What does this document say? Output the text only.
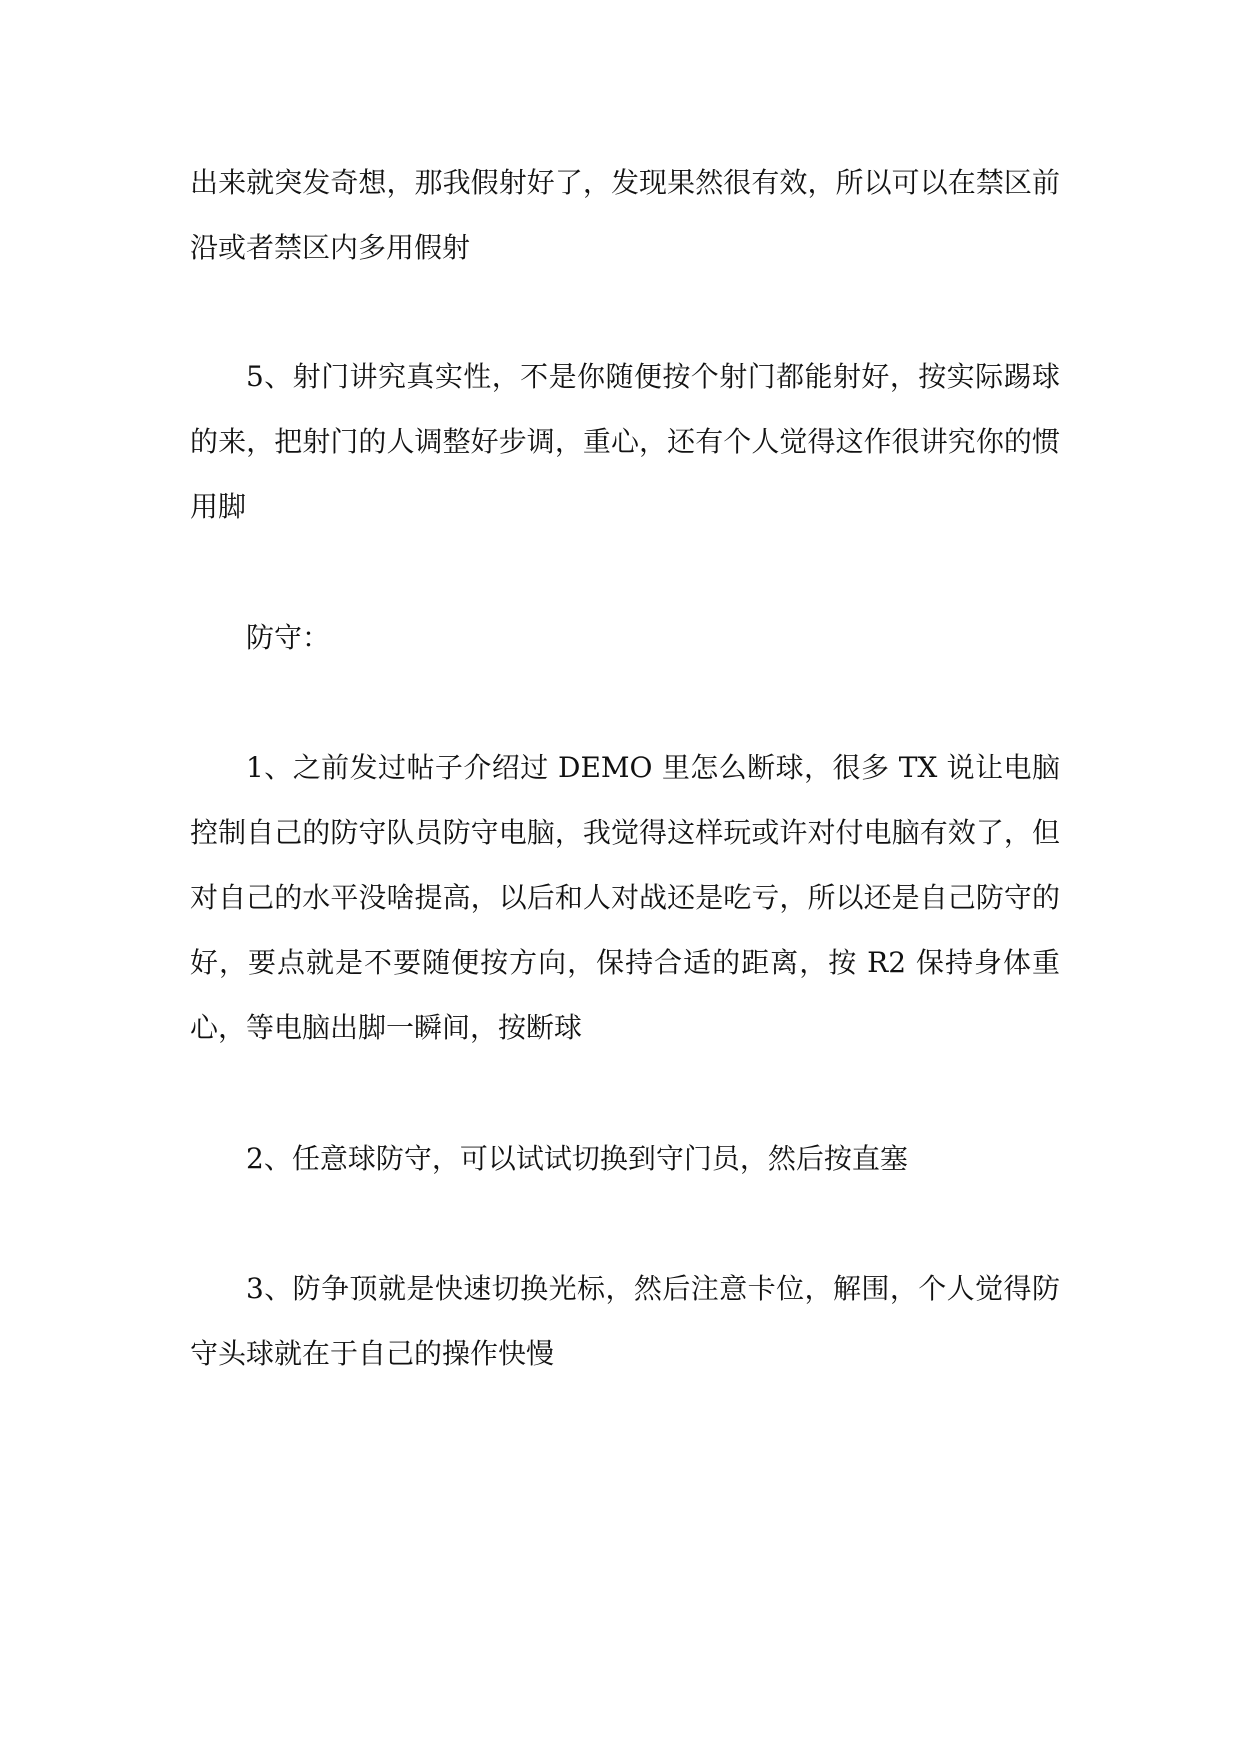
出来就突发奇想，那我假射好了，发现果然很有效，所以可以在禁区前沿或者禁区内多用假射

5、射门讲究真实性，不是你随便按个射门都能射好，按实际踢球的来，把射门的人调整好步调，重心，还有个人觉得这作很讲究你的惯用脚

防守：

1、之前发过帖子介绍过 DEMO 里怎么断球，很多 TX 说让电脑控制自己的防守队员防守电脑，我觉得这样玩或许对付电脑有效了，但对自己的水平没啥提高，以后和人对战还是吃亏，所以还是自己防守的好，要点就是不要随便按方向，保持合适的距离，按 R2 保持身体重心，等电脑出脚一瞬间，按断球

2、任意球防守，可以试试切换到守门员，然后按直塞

3、防争顶就是快速切换光标，然后注意卡位，解围，个人觉得防守头球就在于自己的操作快慢
